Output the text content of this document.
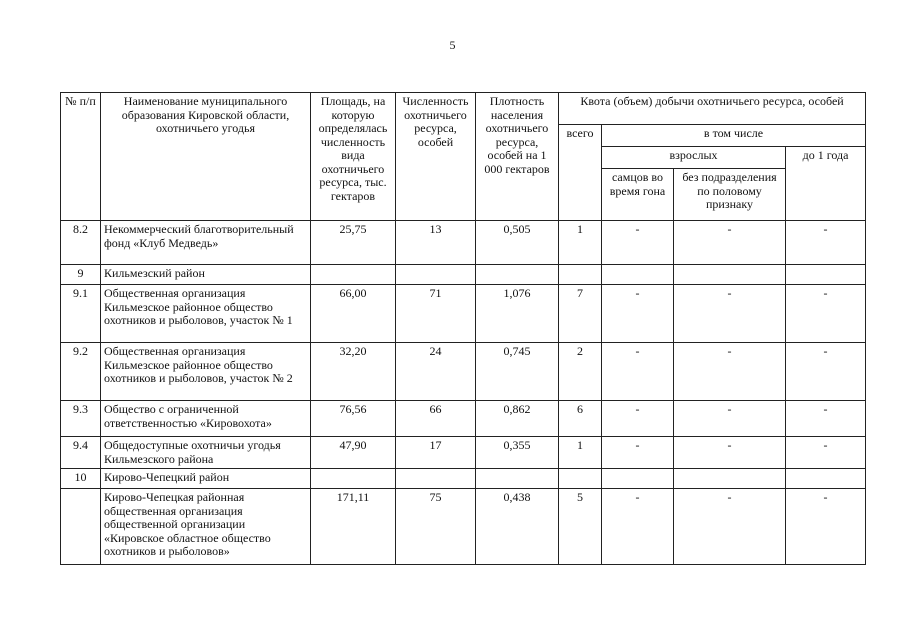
5
№ п/п	Наименование муниципального образования Кировской области, охотничьего угодья	Площадь, на которую определялась численность вида охотничьего ресурса, тыс. гектаров	Численность охотничьего ресурса, особей	Плотность населения охотничьего ресурса, особей на 1 000 гектаров	Квота (объем) добычи охотничьего ресурса, особей			
					всего	в том числе		
						взрослых		до 1 года
						самцов во время гона	без подразделения по половому признаку	
8.2	Некоммерческий благотворительный фонд «Клуб Медведь»	25,75	13	0,505	1	-	-	-
9	Кильмезский район							
9.1	Общественная организация Кильмезское районное общество охотников и рыболовов, участок № 1	66,00	71	1,076	7	-	-	-
9.2	Общественная организация Кильмезское районное общество охотников и рыболовов, участок № 2	32,20	24	0,745	2	-	-	-
9.3	Общество с ограниченной ответственностью «Кировохота»	76,56	66	0,862	6	-	-	-
9.4	Общедоступные охотничьи угодья Кильмезского района	47,90	17	0,355	1	-	-	-
10	Кирово-Чепецкий район							
	Кирово-Чепецкая районная общественная организация общественной организации «Кировское областное общество охотников и рыболовов»	171,11	75	0,438	5	-	-	-
